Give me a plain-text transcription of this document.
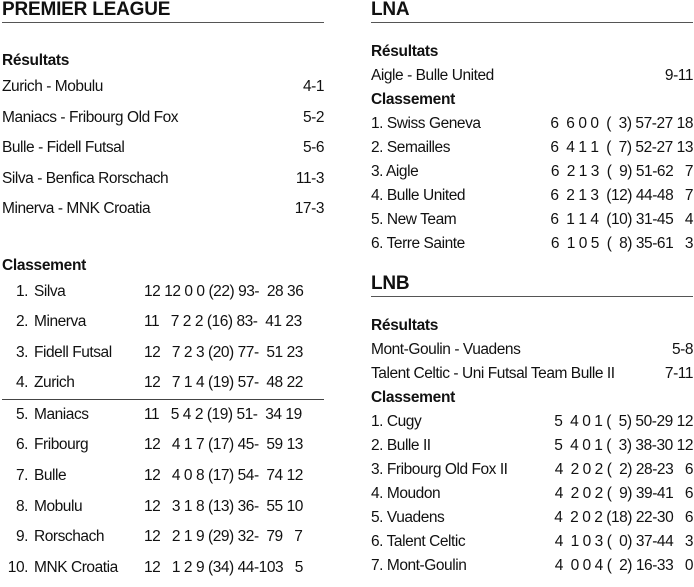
PREMIER LEAGUE
Résultats
Zurich - Mobulu	4-1
Maniacs - Fribourg Old Fox	5-2
Bulle - Fidell Futsal	5-6
Silva - Benfica Rorschach	11-3
Minerva - MNK Croatia	17-3
Classement
1. Silva	12 12 0 0 (22) 93-  28 36
2. Minerva	11   7 2 2 (16) 83-  41 23
3. Fidell Futsal	12   7 2 3 (20) 77-  51 23
4. Zurich	12   7 1 4 (19) 57-  48 22
5. Maniacs	11   5 4 2 (19) 51-  34 19
6. Fribourg	12   4 1 7 (17) 45-  59 13
7. Bulle	12   4 0 8 (17) 54-  74 12
8. Mobulu	12   3 1 8 (13) 36-  55 10
9. Rorschach	12   2 1 9 (29) 32-  79   7
10. MNK Croatia	12   1 2 9 (34) 44-103   5
LNA
Résultats
Aigle - Bulle United	9-11
Classement
1. Swiss Geneva	6  6 0 0  (  3) 57-27 18
2. Semailles	6  4 1 1  (  7) 52-27 13
3. Aigle	6  2 1 3  (  9) 51-62   7
4. Bulle United	6  2 1 3  (12) 44-48   7
5. New Team	6  1 1 4  (10) 31-45   4
6. Terre Sainte	6  1 0 5  (  8) 35-61   3
LNB
Résultats
Mont-Goulin - Vuadens	5-8
Talent Celtic - Uni Futsal Team Bulle II	7-11
Classement
1. Cugy	5  4 0 1 (  5) 50-29 12
2. Bulle II	5  4 0 1 (  3) 38-30 12
3. Fribourg Old Fox II	4  2 0 2 (  2) 28-23   6
4. Moudon	4  2 0 2 (  9) 39-41   6
5. Vuadens	4  2 0 2 (18) 22-30   6
6. Talent Celtic	4  1 0 3 (  0) 37-44   3
7. Mont-Goulin	4  0 0 4 (  2) 16-33   0
